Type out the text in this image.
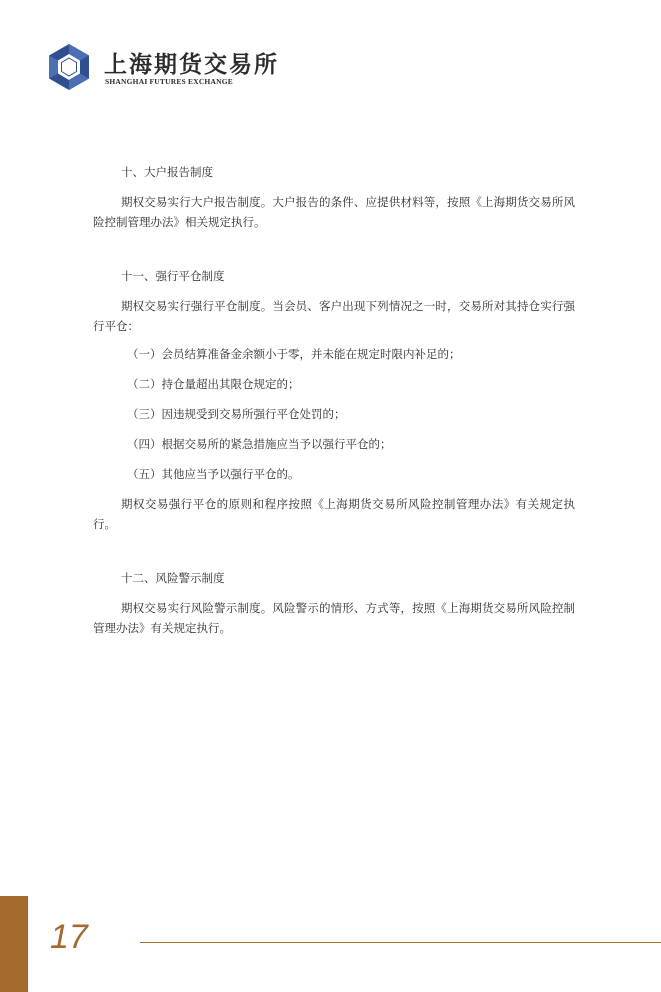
上海期货交易所
SHANGHAI FUTURES EXCHANGE
十、大户报告制度

期权交易实行大户报告制度。大户报告的条件、应提供材料等，按照《上海期货交易所风险控制管理办法》相关规定执行。

十一、强行平仓制度

期权交易实行强行平仓制度。当会员、客户出现下列情况之一时，交易所对其持仓实行强行平仓：

（一）会员结算准备金余额小于零，并未能在规定时限内补足的；
（二）持仓量超出其限仓规定的；
（三）因违规受到交易所强行平仓处罚的；
（四）根据交易所的紧急措施应当予以强行平仓的；
（五）其他应当予以强行平仓的。

期权交易强行平仓的原则和程序按照《上海期货交易所风险控制管理办法》有关规定执行。

十二、风险警示制度

期权交易实行风险警示制度。风险警示的情形、方式等，按照《上海期货交易所风险控制管理办法》有关规定执行。

17
